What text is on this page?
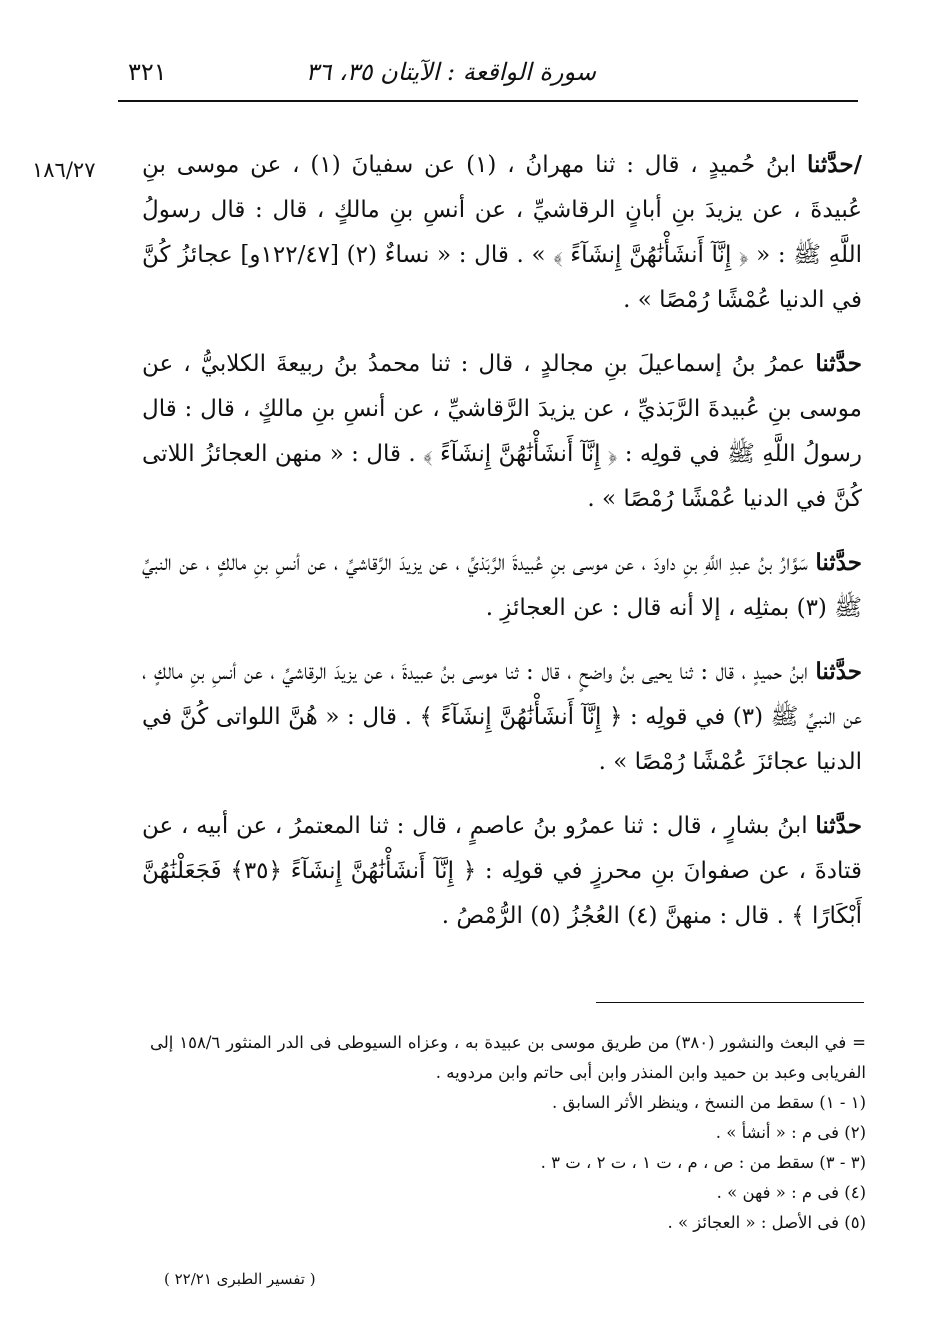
سورة الواقعة : الآيتان ٣٥، ٣٦
٣٢١
١٨٦/٢٧	/حدَّثنا ابنُ حُميدٍ ، قال : ثنا مهرانُ ، (١) عن سفيانَ (١) ، عن موسى بنِ عُبيدةَ ، عن يزيدَ بنِ أبانٍ الرقاشيِّ ، عن أنسِ بنِ مالكٍ ، قال : قال رسولُ اللَّهِ ﷺ : « ﴿ إِنَّآ أَنشَأْنَٰهُنَّ إِنشَآءً ﴾ » . قال : « نساءٌ (٢) [١٢٢/٤٧و] عجائزُ كُنَّ في الدنيا عُمْشًا رُمْصًا » .

حدَّثنا عمرُ بنُ إسماعيلَ بنِ مجالدٍ ، قال : ثنا محمدُ بنُ ربيعةَ الكلابيُّ ، عن موسى بنِ عُبيدةَ الرَّبَذيِّ ، عن يزيدَ الرَّقاشيِّ ، عن أنسِ بنِ مالكٍ ، قال : قال رسولُ اللَّهِ ﷺ في قولِه : ﴿ إِنَّآ أَنشَأْنَٰهُنَّ إِنشَآءً ﴾ . قال : « منهن العجائزُ اللاتى كُنَّ في الدنيا عُمْشًا رُمْصًا » .

حدَّثنا سَوَّارُ بنُ عبدِ اللَّهِ بنِ داودَ ، عن موسى بنِ عُبيدةَ الرَّبَذيِّ ، عن يزيدَ الرَّقاشيِّ ، عن أنسِ بنِ مالكٍ ، عن النبيِّ ﷺ (٣) بمثلِه ، إلا أنه قال : عن العجائزِ .

حدَّثنا ابنُ حميدٍ ، قال : ثنا يحيى بنُ واضحٍ ، قال : ثنا موسى بنُ عبيدةَ ، عن يزيدَ الرقاشيِّ ، عن أنسِ بنِ مالكٍ ، عن النبيِّ ﷺ (٣) في قولِه : ﴿ إِنَّآ أَنشَأْنَٰهُنَّ إِنشَآءً ﴾ . قال : « هُنَّ اللواتى كُنَّ في الدنيا عجائزَ عُمْشًا رُمْصًا » .

حدَّثنا ابنُ بشارٍ ، قال : ثنا عمرُو بنُ عاصمٍ ، قال : ثنا المعتمرُ ، عن أبيه ، عن قتادةَ ، عن صفوانَ بنِ محرزٍ في قولِه : ﴿ إِنَّآ أَنشَأْنَٰهُنَّ إِنشَآءً ﴿٣٥﴾ فَجَعَلْنَٰهُنَّ أَبْكَارًا ﴾ . قال : منهنَّ (٤) العُجُزُ (٥) الرُّمْصُ .

= في البعث والنشور (٣٨٠) من طريق موسى بن عبيدة به ، وعزاه السيوطى فى الدر المنثور ١٥٨/٦ إلى الفريابى وعبد بن حميد وابن المنذر وابن أبى حاتم وابن مردويه .

(١ - ١) سقط من النسخ ، وينظر الأثر السابق .

(٢) فى م : « أنشأ » .

(٣ - ٣) سقط من : ص ، م ، ت ١ ، ت ٢ ، ت ٣ .

(٤) فى م : « فهن » .

(٥) فى الأصل : « العجائز » .

( تفسير الطبرى ٢٢/٢١ )
